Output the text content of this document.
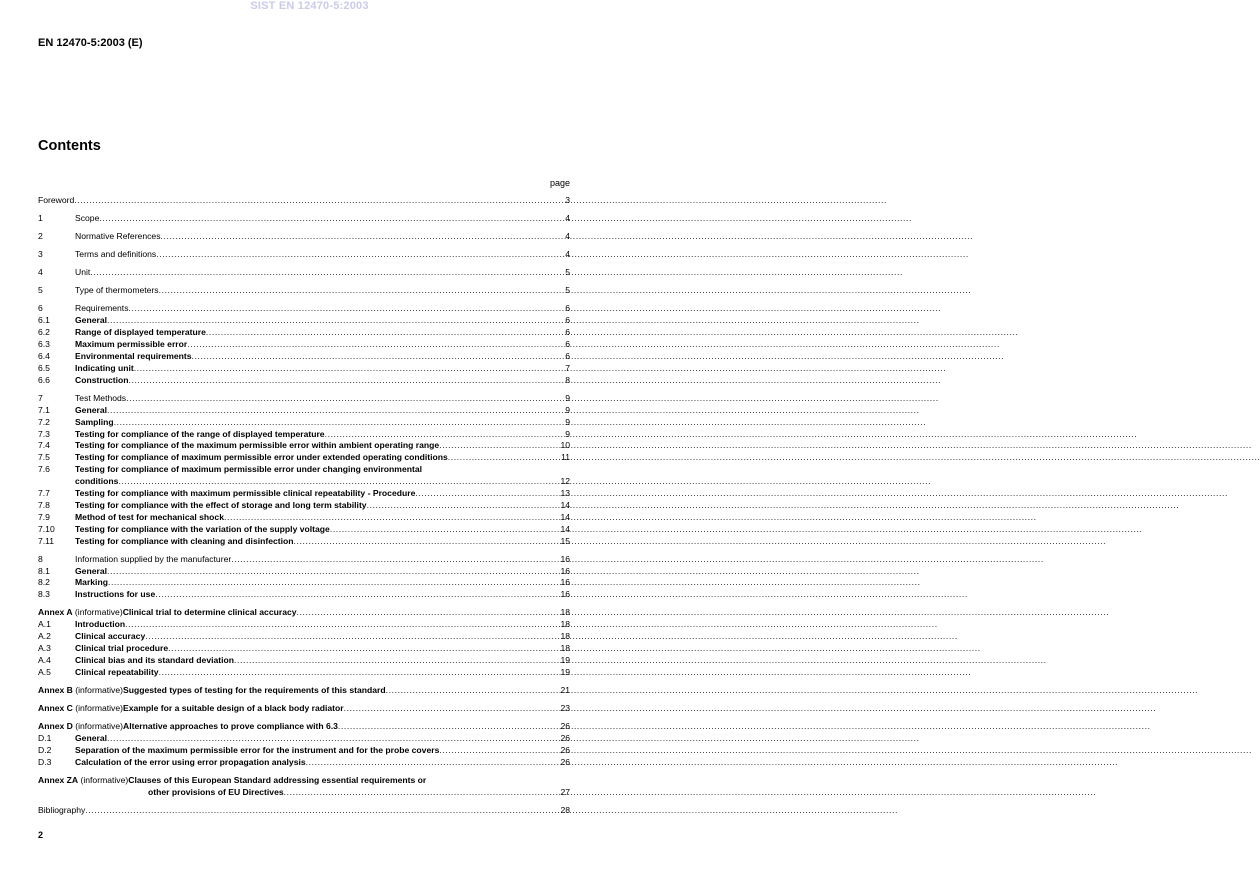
SIST EN 12470-5:2003
EN 12470-5:2003 (E)
Contents
page
Foreword .....	3
1	Scope .....	4
2	Normative References .....	4
3	Terms and definitions .....	4
4	Unit .....	5
5	Type of thermometers .....	5
6	Requirements .....	6
6.1	General .....	6
6.2	Range of displayed temperature .....	6
6.3	Maximum permissible error .....	6
6.4	Environmental requirements .....	6
6.5	Indicating unit .....	7
6.6	Construction .....	8
7	Test Methods .....	9
7.1	General .....	9
7.2	Sampling .....	9
7.3	Testing for compliance of the range of displayed temperature .....	9
7.4	Testing for compliance of the maximum permissible error within ambient operating range .....	10
7.5	Testing for compliance of maximum permissible error under extended operating conditions .....	11
7.6	Testing for compliance of maximum permissible error under changing environmental
conditions .....	12
7.7	Testing for compliance with maximum permissible clinical repeatability - Procedure .....	13
7.8	Testing for compliance with the effect of storage and long term stability .....	14
7.9	Method of test for mechanical shock .....	14
7.10	Testing for compliance with the variation of the supply voltage .....	14
7.11	Testing for compliance with cleaning and disinfection .....	15
8	Information supplied by the manufacturer .....	16
8.1	General .....	16
8.2	Marking .....	16
8.3	Instructions for use .....	16
Annex A (informative) Clinical trial to determine clinical accuracy .....	18
A.1	Introduction .....	18
A.2	Clinical accuracy .....	18
A.3	Clinical trial procedure .....	18
A.4	Clinical bias and its standard deviation .....	19
A.5	Clinical repeatability .....	19
Annex B (informative) Suggested types of testing for the requirements of this standard .....	21
Annex C (informative) Example for a suitable design of a black body radiator .....	23
Annex D (informative) Alternative approaches to prove compliance with 6.3 .....	26
D.1	General .....	26
D.2	Separation of the maximum permissible error for the instrument and for the probe covers .....	26
D.3	Calculation of the error using error propagation analysis .....	26
Annex ZA (informative) Clauses of this European Standard addressing essential requirements or
other provisions of EU Directives .....	27
Bibliography .....	28
2
